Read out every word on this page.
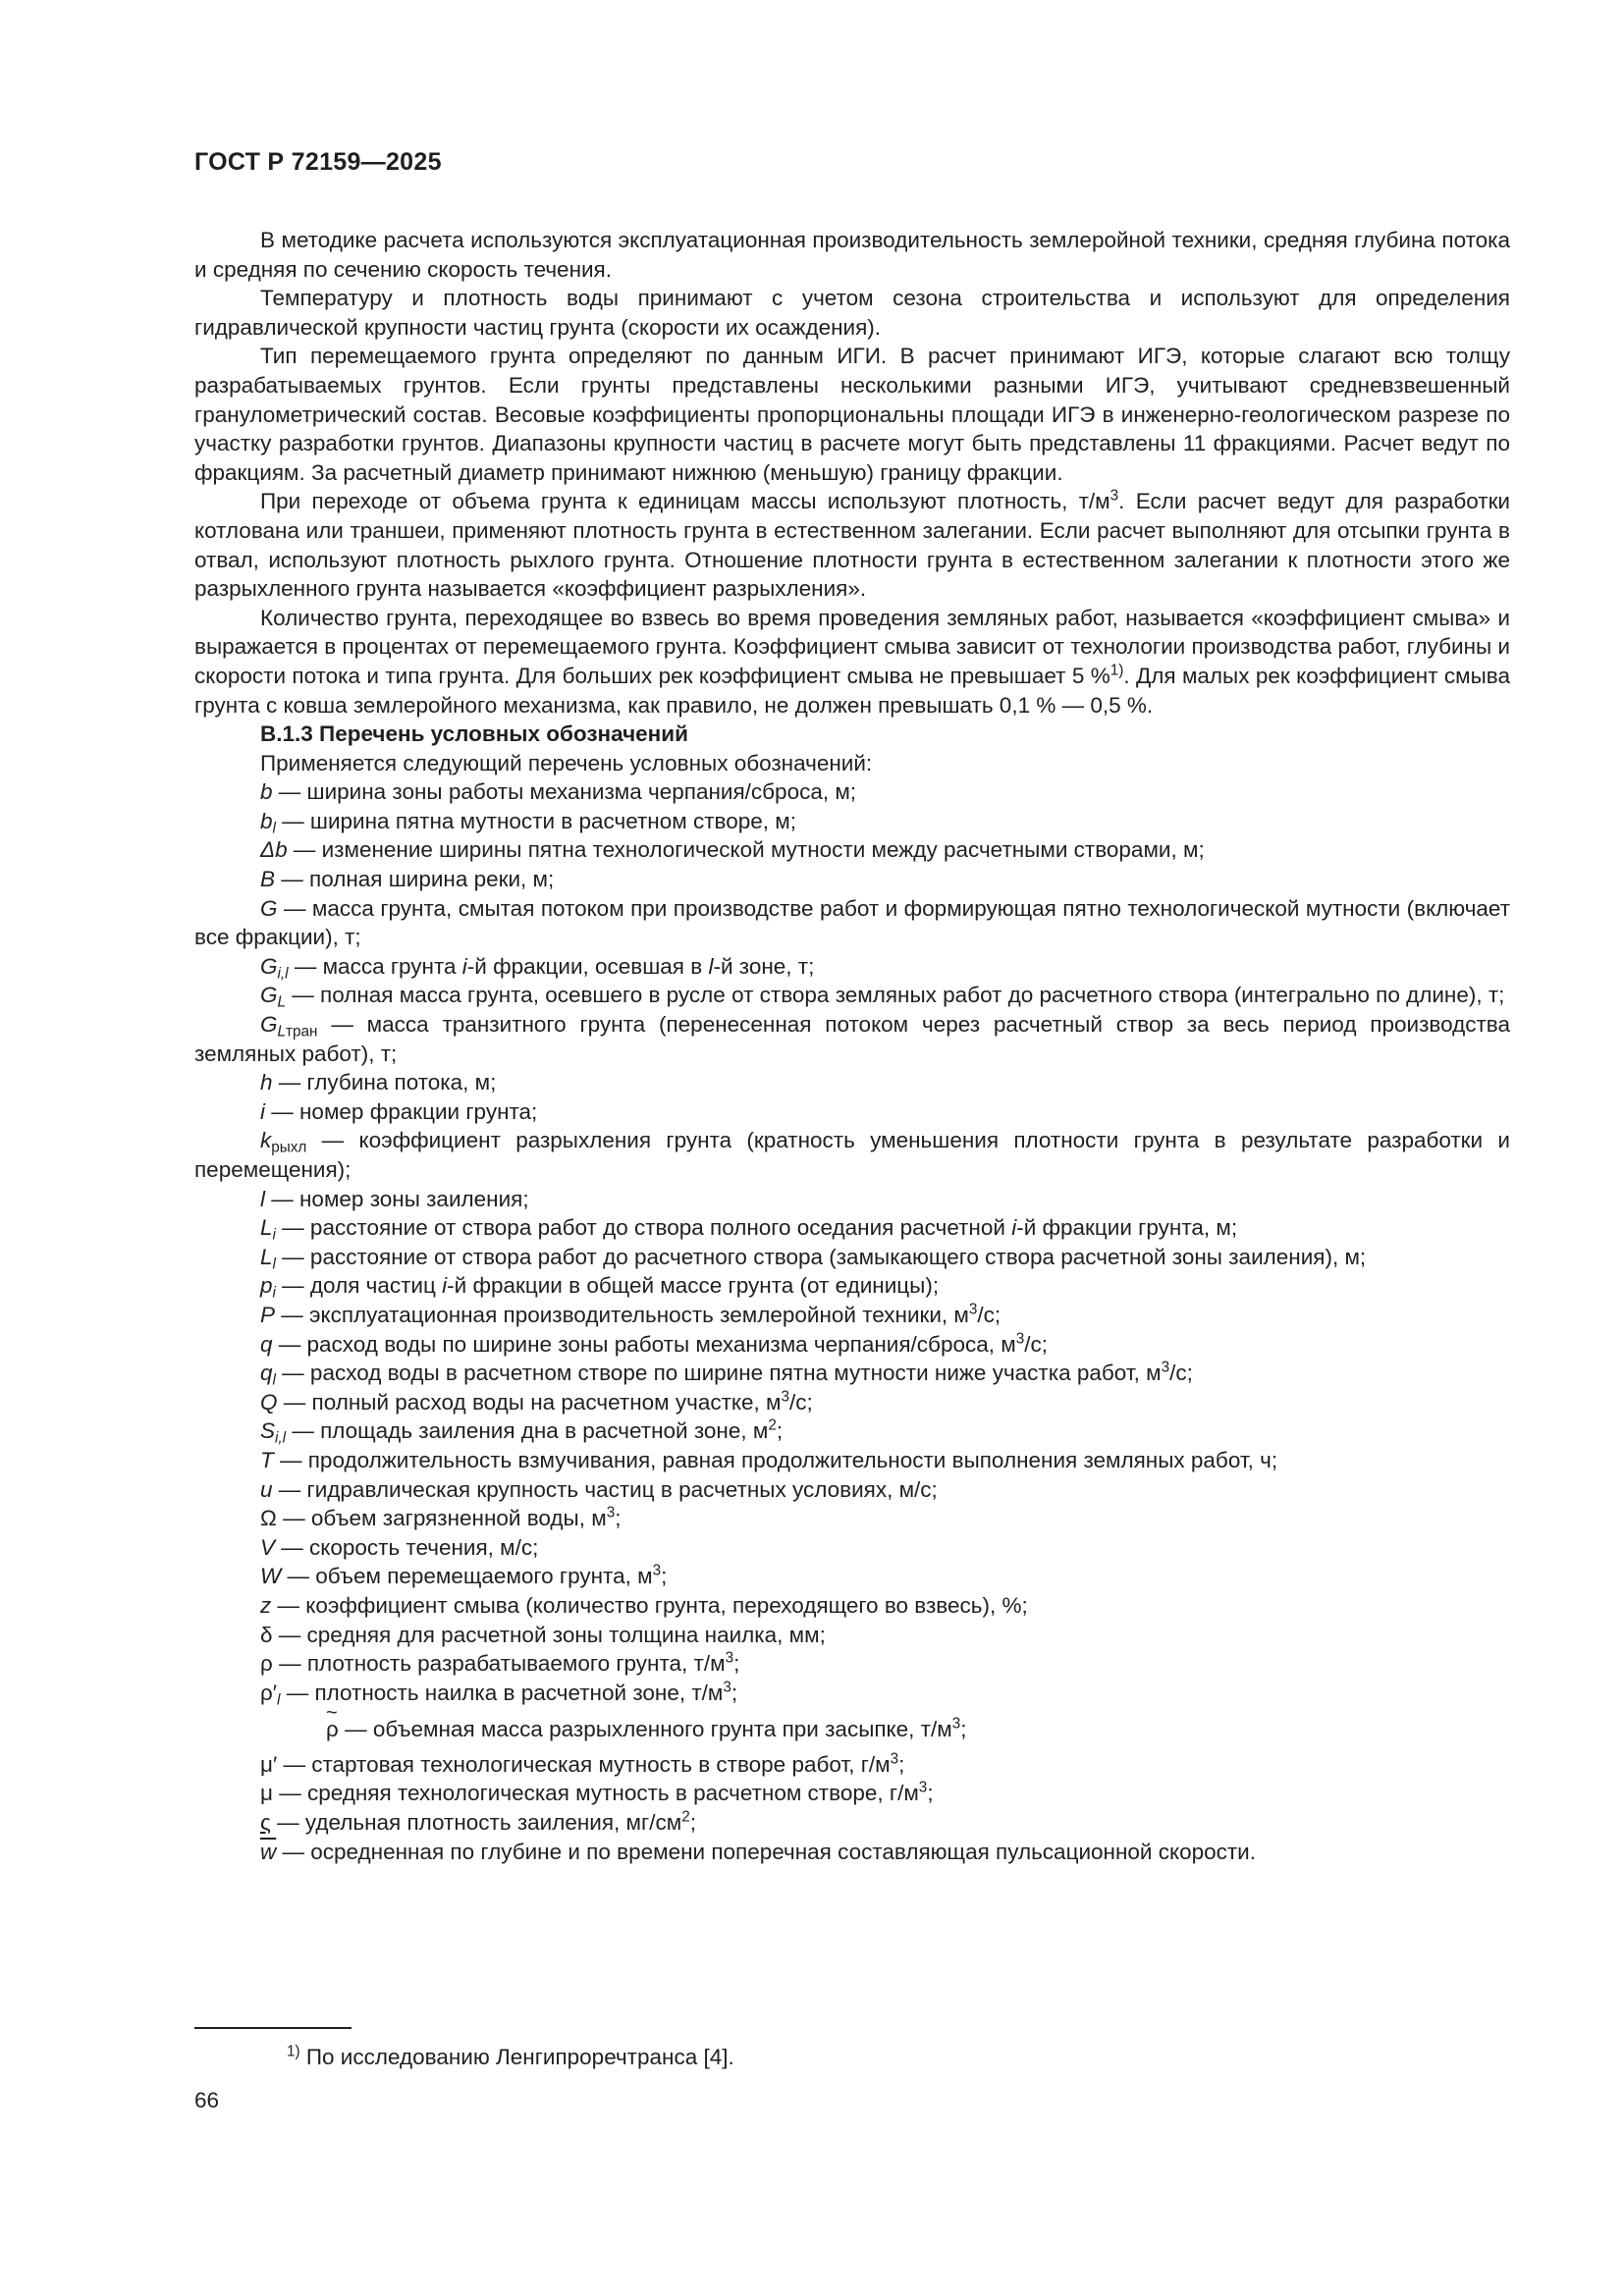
ГОСТ Р 72159—2025

В методике расчета используются эксплуатационная производительность землеройной техники, средняя глубина потока и средняя по сечению скорость течения.

Температуру и плотность воды принимают с учетом сезона строительства и используют для определения гидравлической крупности частиц грунта (скорости их осаждения).

Тип перемещаемого грунта определяют по данным ИГИ. В расчет принимают ИГЭ, которые слагают всю толщу разрабатываемых грунтов. Если грунты представлены несколькими разными ИГЭ, учитывают средневзвешенный гранулометрический состав. Весовые коэффициенты пропорциональны площади ИГЭ в инженерно-геологическом разрезе по участку разработки грунтов. Диапазоны крупности частиц в расчете могут быть представлены 11 фракциями. Расчет ведут по фракциям. За расчетный диаметр принимают нижнюю (меньшую) границу фракции.

При переходе от объема грунта к единицам массы используют плотность, $т/м^3$. Если расчет ведут для разработки котлована или траншеи, применяют плотность грунта в естественном залегании. Если расчет выполняют для отсыпки грунта в отвал, используют плотность рыхлого грунта. Отношение плотности грунта в естественном залегании к плотности этого же разрыхленного грунта называется «коэффициент разрыхления».

Количество грунта, переходящее во взвесь во время проведения земляных работ, называется «коэффициент смыва» и выражается в процентах от перемещаемого грунта. Коэффициент смыва зависит от технологии производства работ, глубины и скорости потока и типа грунта. Для больших рек коэффициент смыва не превышает 5 %$^{1)}$. Для малых рек коэффициент смыва грунта с ковша землеройного механизма, как правило, не должен превышать 0,1 % — 0,5 %.

В.1.3 Перечень условных обозначений

Применяется следующий перечень условных обозначений:

b — ширина зоны работы механизма черпания/сброса, м;

$b_l$ — ширина пятна мутности в расчетном створе, м;

Δb — изменение ширины пятна технологической мутности между расчетными створами, м;

B — полная ширина реки, м;

G — масса грунта, смытая потоком при производстве работ и формирующая пятно технологической мутности (включает все фракции), т;

$G_{i,l}$ — масса грунта i-й фракции, осевшая в l-й зоне, т;

$G_L$ — полная масса грунта, осевшего в русле от створа земляных работ до расчетного створа (интегрально по длине), т;

$G_{Lтран}$ — масса транзитного грунта (перенесенная потоком через расчетный створ за весь период производства земляных работ), т;

h — глубина потока, м;

i — номер фракции грунта;

$k_{рыхл}$ — коэффициент разрыхления грунта (кратность уменьшения плотности грунта в результате разработки и перемещения);

l — номер зоны заиления;

$L_i$ — расстояние от створа работ до створа полного оседания расчетной i-й фракции грунта, м;

$L_l$ — расстояние от створа работ до расчетного створа (замыкающего створа расчетной зоны заиления), м;

$p_i$ — доля частиц i-й фракции в общей массе грунта (от единицы);

P — эксплуатационная производительность землеройной техники, $м^3/с$;

q — расход воды по ширине зоны работы механизма черпания/сброса, $м^3/с$;

$q_l$ — расход воды в расчетном створе по ширине пятна мутности ниже участка работ, $м^3/с$;

Q — полный расход воды на расчетном участке, $м^3/с$;

$S_{i,l}$ — площадь заиления дна в расчетной зоне, $м^2$;

T — продолжительность взмучивания, равная продолжительности выполнения земляных работ, ч;

u — гидравлическая крупность частиц в расчетных условиях, м/с;

Ω — объем загрязненной воды, $м^3$;

V — скорость течения, м/с;

W — объем перемещаемого грунта, $м^3$;

z — коэффициент смыва (количество грунта, переходящего во взвесь), %;

δ — средняя для расчетной зоны толщина наилка, мм;

ρ — плотность разрабатываемого грунта, $т/м^3$;

$\rho'_l$ — плотность наилка в расчетной зоне, $т/м^3$;

~ ρ — объемная масса разрыхленного грунта при засыпке, $т/м^3$;

μ′ — стартовая технологическая мутность в створе работ, $г/м^3$;

μ — средняя технологическая мутность в расчетном створе, $г/м^3$;

ς — удельная плотность заиления, $мг/см^2$;

$\overline{w}$ — осредненная по глубине и по времени поперечная составляющая пульсационной скорости.

$^{1)}$ По исследованию Ленгипроречтранса [4].
66
